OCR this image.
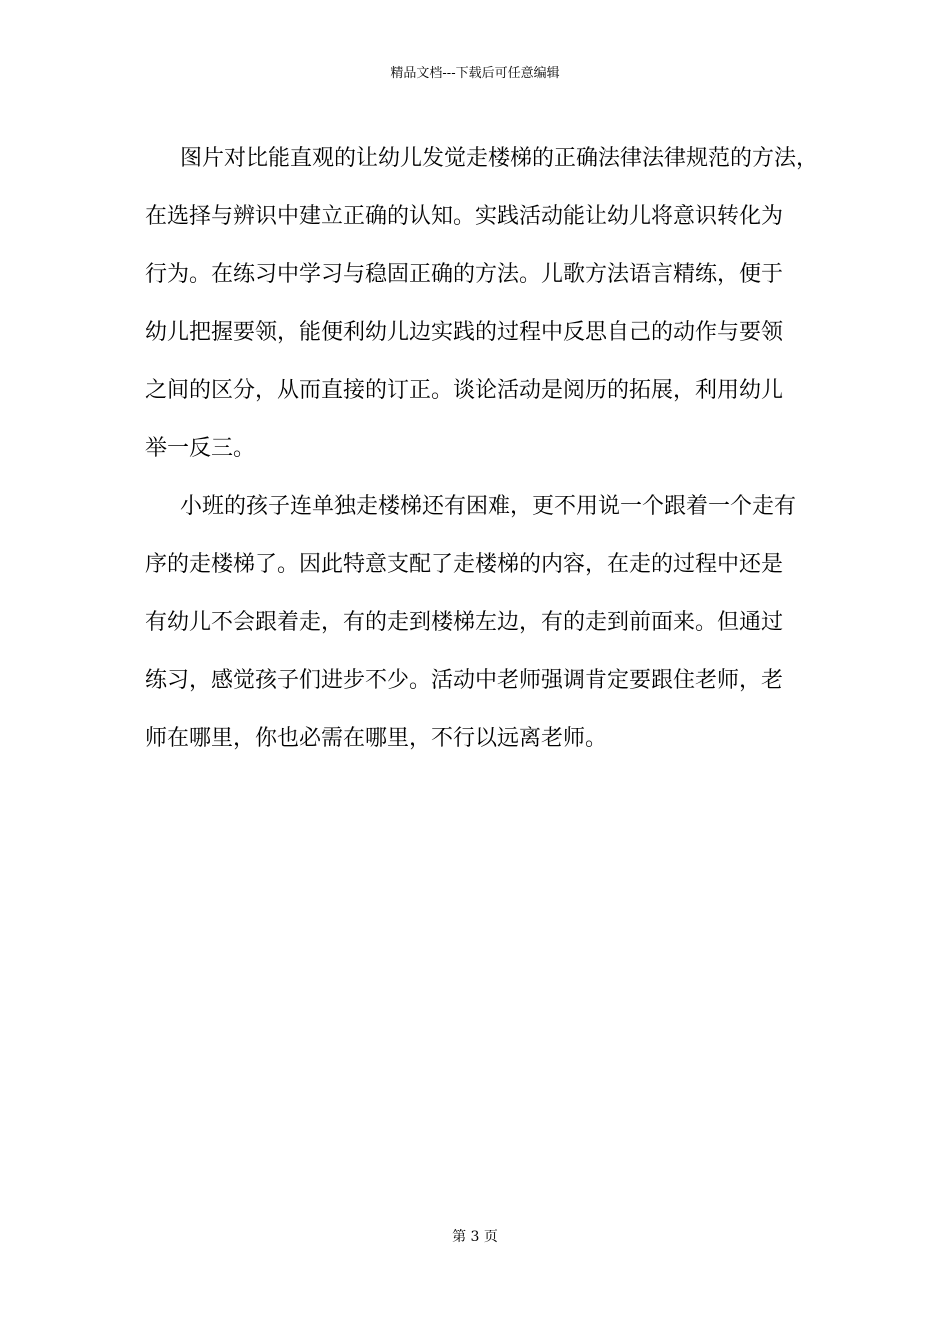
精品文档---下载后可任意编辑

图片对比能直观的让幼儿发觉走楼梯的正确法律法律规范的方法，
在选择与辨识中建立正确的认知。实践活动能让幼儿将意识转化为
行为。在练习中学习与稳固正确的方法。儿歌方法语言精练，便于
幼儿把握要领，能便利幼儿边实践的过程中反思自己的动作与要领
之间的区分，从而直接的订正。谈论活动是阅历的拓展，利用幼儿
举一反三。

小班的孩子连单独走楼梯还有困难，更不用说一个跟着一个走有
序的走楼梯了。因此特意支配了走楼梯的内容，在走的过程中还是
有幼儿不会跟着走，有的走到楼梯左边，有的走到前面来。但通过
练习，感觉孩子们进步不少。活动中老师强调肯定要跟住老师，老
师在哪里，你也必需在哪里，不行以远离老师。

第 3 页
